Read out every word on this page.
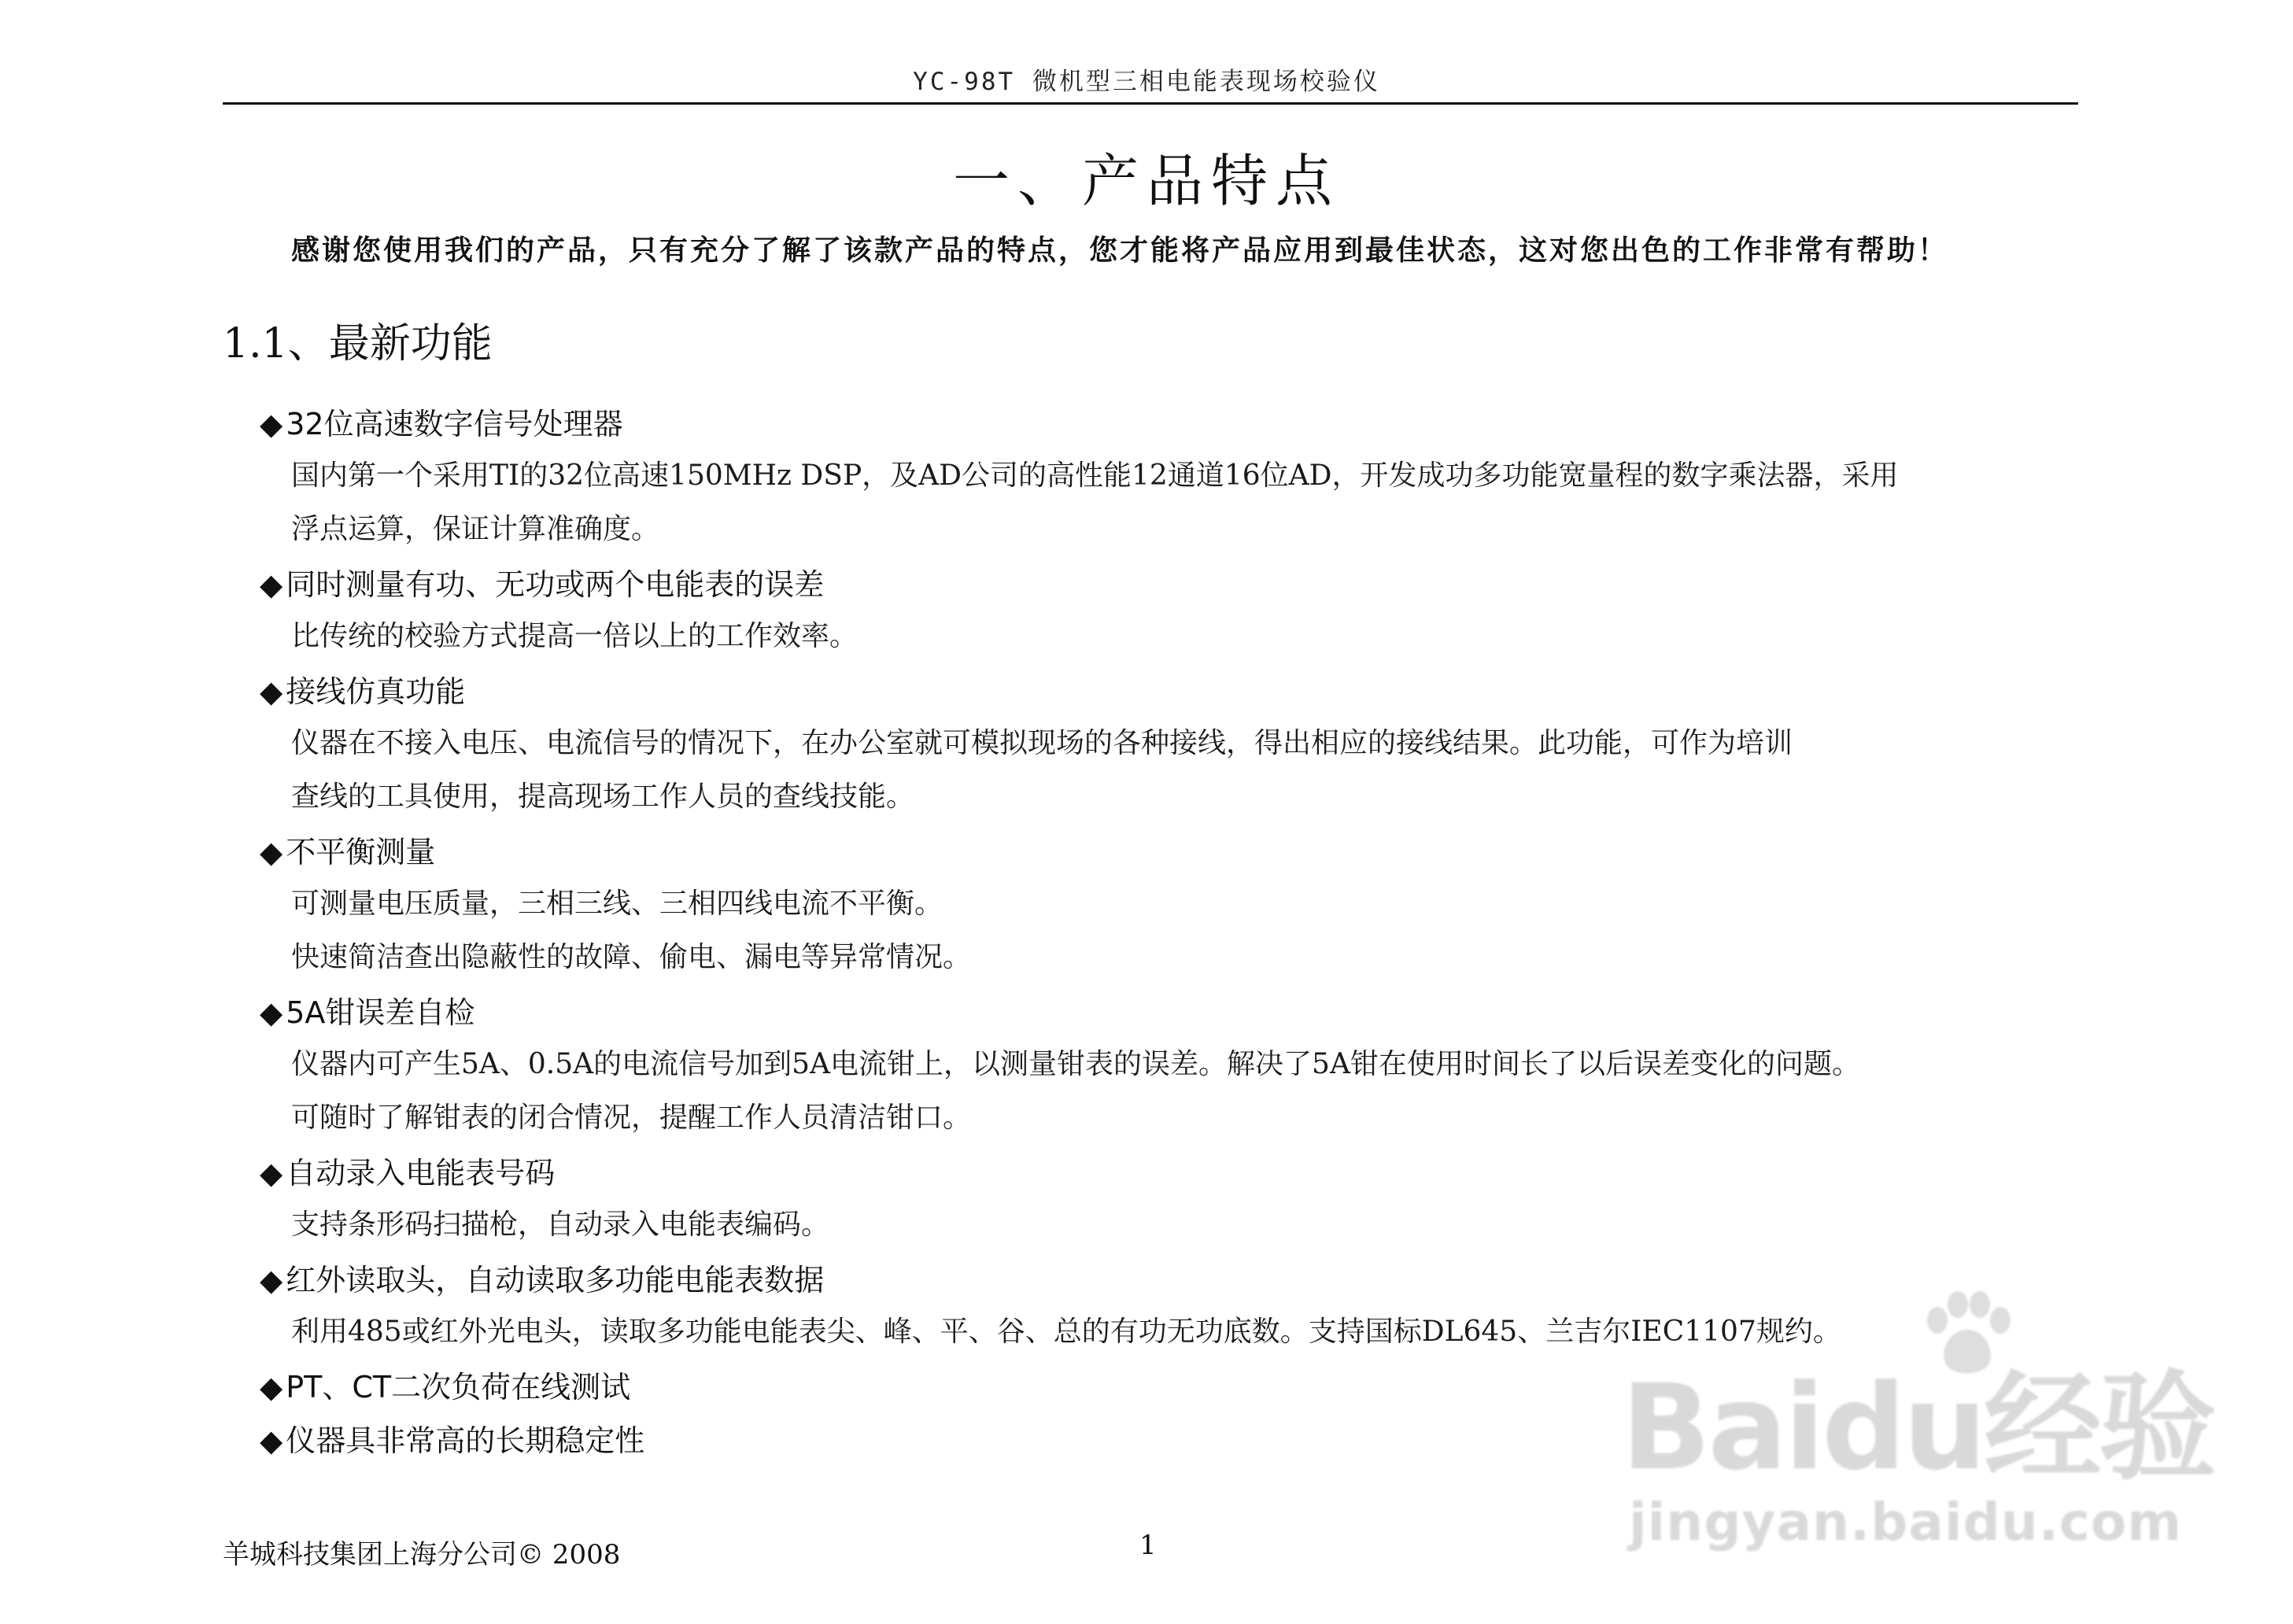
YC-98T 微机型三相电能表现场校验仪
一、产品特点
感谢您使用我们的产品，只有充分了解了该款产品的特点，您才能将产品应用到最佳状态，这对您出色的工作非常有帮助！
1.1、最新功能
◆ 32位高速数字信号处理器
国内第一个采用TI的32位高速150MHz DSP，及AD公司的高性能12通道16位AD，开发成功多功能宽量程的数字乘法器，采用
浮点运算，保证计算准确度。
◆ 同时测量有功、无功或两个电能表的误差
比传统的校验方式提高一倍以上的工作效率。
◆ 接线仿真功能
仪器在不接入电压、电流信号的情况下，在办公室就可模拟现场的各种接线，得出相应的接线结果。此功能，可作为培训
查线的工具使用，提高现场工作人员的查线技能。
◆ 不平衡测量
可测量电压质量，三相三线、三相四线电流不平衡。
快速简洁查出隐蔽性的故障、偷电、漏电等异常情况。
◆ 5A钳误差自检
仪器内可产生5A、0.5A的电流信号加到5A电流钳上，以测量钳表的误差。解决了5A钳在使用时间长了以后误差变化的问题。
可随时了解钳表的闭合情况，提醒工作人员清洁钳口。
◆ 自动录入电能表号码
支持条形码扫描枪，自动录入电能表编码。
◆ 红外读取头，自动读取多功能电能表数据
利用485或红外光电头，读取多功能电能表尖、峰、平、谷、总的有功无功底数。支持国标DL645、兰吉尔IEC1107规约。
◆ PT、CT二次负荷在线测试
◆ 仪器具非常高的长期稳定性
羊城科技集团上海分公司© 2008	1
Baidu经验
jingyan.baidu.com
